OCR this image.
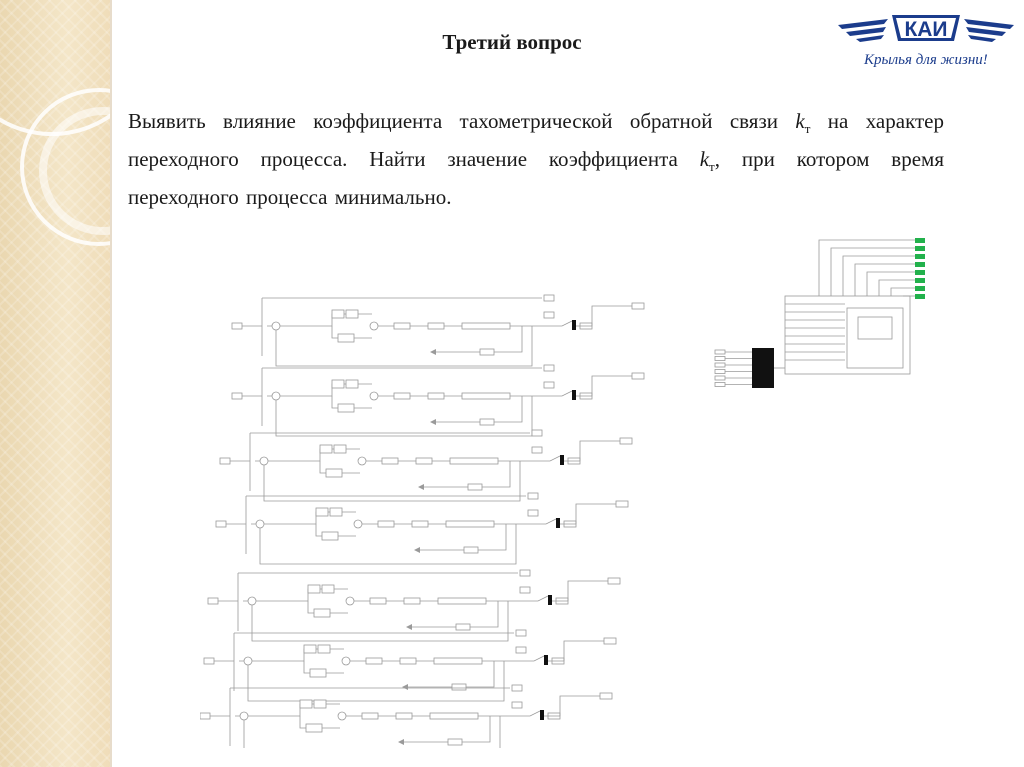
КАИ
Крылья для жизни!
Третий вопрос
Выявить влияние коэффициента тахометрической обратной связи $k_т$ на характер переходного процесса. Найти значение коэффициента $k_т$, при котором время переходного процесса минимально.
